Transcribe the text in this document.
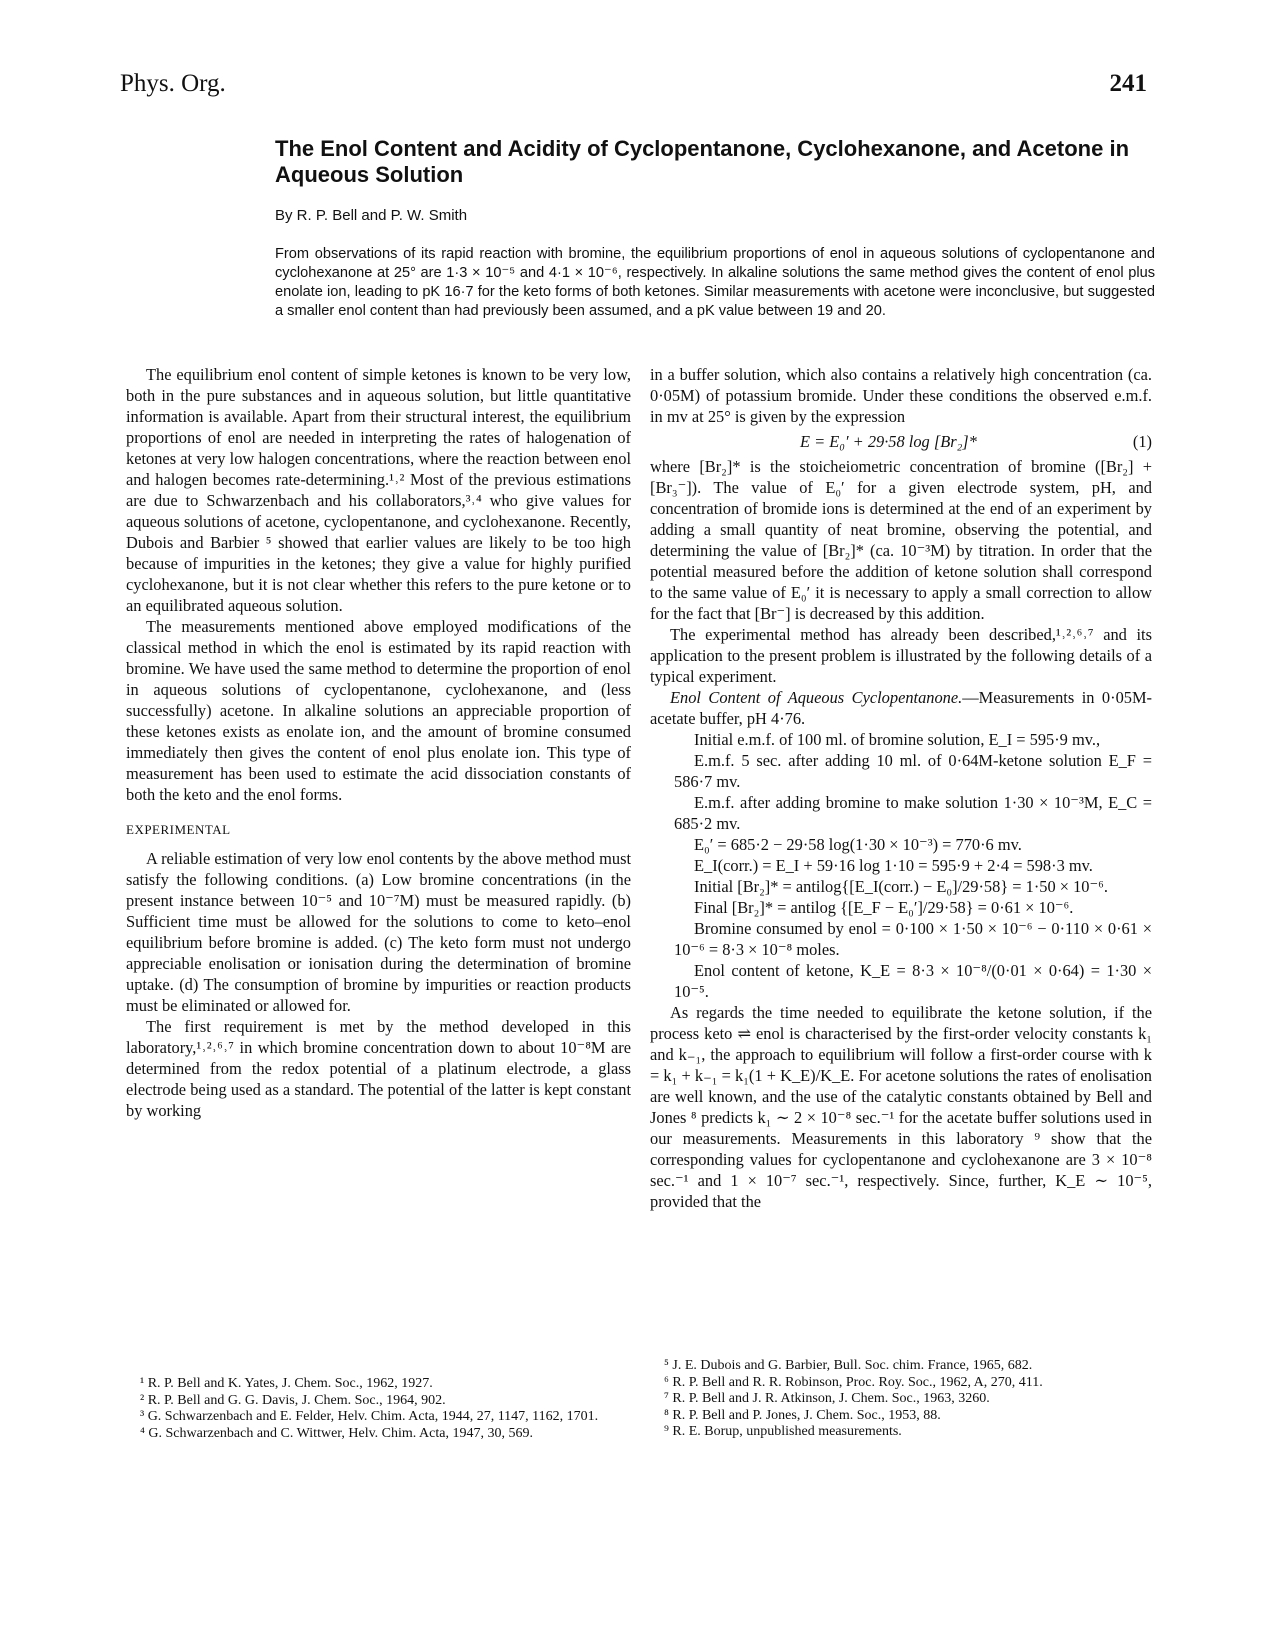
Phys. Org.	241
The Enol Content and Acidity of Cyclopentanone, Cyclohexanone, and Acetone in Aqueous Solution
By R. P. Bell and P. W. Smith

From observations of its rapid reaction with bromine, the equilibrium proportions of enol in aqueous solutions of cyclopentanone and cyclohexanone at 25° are 1·3 × 10⁻⁵ and 4·1 × 10⁻⁶, respectively. In alkaline solutions the same method gives the content of enol plus enolate ion, leading to pK 16·7 for the keto forms of both ketones. Similar measurements with acetone were inconclusive, but suggested a smaller enol content than had previously been assumed, and a pK value between 19 and 20.

The equilibrium enol content of simple ketones is known to be very low, both in the pure substances and in aqueous solution, but little quantitative information is available. Apart from their structural interest, the equilibrium proportions of enol are needed in interpreting the rates of halogenation of ketones at very low halogen concentrations, where the reaction between enol and halogen becomes rate-determining.¹˒² Most of the previous estimations are due to Schwarzenbach and his collaborators,³˒⁴ who give values for aqueous solutions of acetone, cyclopentanone, and cyclohexanone. Recently, Dubois and Barbier ⁵ showed that earlier values are likely to be too high because of impurities in the ketones; they give a value for highly purified cyclohexanone, but it is not clear whether this refers to the pure ketone or to an equilibrated aqueous solution.

The measurements mentioned above employed modifications of the classical method in which the enol is estimated by its rapid reaction with bromine. We have used the same method to determine the proportion of enol in aqueous solutions of cyclopentanone, cyclohexanone, and (less successfully) acetone. In alkaline solutions an appreciable proportion of these ketones exists as enolate ion, and the amount of bromine consumed immediately then gives the content of enol plus enolate ion. This type of measurement has been used to estimate the acid dissociation constants of both the keto and the enol forms.

EXPERIMENTAL

A reliable estimation of very low enol contents by the above method must satisfy the following conditions. (a) Low bromine concentrations (in the present instance between 10⁻⁵ and 10⁻⁷M) must be measured rapidly. (b) Sufficient time must be allowed for the solutions to come to keto–enol equilibrium before bromine is added. (c) The keto form must not undergo appreciable enolisation or ionisation during the determination of bromine uptake. (d) The consumption of bromine by impurities or reaction products must be eliminated or allowed for.

The first requirement is met by the method developed in this laboratory,¹˒²˒⁶˒⁷ in which bromine concentration down to about 10⁻⁸M are determined from the redox potential of a platinum electrode, a glass electrode being used as a standard. The potential of the latter is kept constant by working

in a buffer solution, which also contains a relatively high concentration (ca. 0·05M) of potassium bromide. Under these conditions the observed e.m.f. in mv at 25° is given by the expression

E = E₀′ + 29·58 log [Br₂]*	(1)

where [Br₂]* is the stoicheiometric concentration of bromine ([Br₂] + [Br₃⁻]). The value of E₀′ for a given electrode system, pH, and concentration of bromide ions is determined at the end of an experiment by adding a small quantity of neat bromine, observing the potential, and determining the value of [Br₂]* (ca. 10⁻³M) by titration. In order that the potential measured before the addition of ketone solution shall correspond to the same value of E₀′ it is necessary to apply a small correction to allow for the fact that [Br⁻] is decreased by this addition.

The experimental method has already been described,¹˒²˒⁶˒⁷ and its application to the present problem is illustrated by the following details of a typical experiment.

Enol Content of Aqueous Cyclopentanone.—Measurements in 0·05M-acetate buffer, pH 4·76.

Initial e.m.f. of 100 ml. of bromine solution, E_I = 595·9 mv.,

E.m.f. 5 sec. after adding 10 ml. of 0·64M-ketone solution E_F = 586·7 mv.

E.m.f. after adding bromine to make solution 1·30 × 10⁻³M, E_C = 685·2 mv.

E₀′ = 685·2 − 29·58 log(1·30 × 10⁻³) = 770·6 mv.

E_I(corr.) = E_I + 59·16 log 1·10 = 595·9 + 2·4 = 598·3 mv.

Initial [Br₂]* = antilog{[E_I(corr.) − E₀]/29·58} = 1·50 × 10⁻⁶.

Final [Br₂]* = antilog {[E_F − E₀′]/29·58} = 0·61 × 10⁻⁶.

Bromine consumed by enol = 0·100 × 1·50 × 10⁻⁶ − 0·110 × 0·61 × 10⁻⁶ = 8·3 × 10⁻⁸ moles.

Enol content of ketone, K_E = 8·3 × 10⁻⁸/(0·01 × 0·64) = 1·30 × 10⁻⁵.

As regards the time needed to equilibrate the ketone solution, if the process keto ⇌ enol is characterised by the first-order velocity constants k₁ and k₋₁, the approach to equilibrium will follow a first-order course with k = k₁ + k₋₁ = k₁(1 + K_E)/K_E. For acetone solutions the rates of enolisation are well known, and the use of the catalytic constants obtained by Bell and Jones ⁸ predicts k₁ ∼ 2 × 10⁻⁸ sec.⁻¹ for the acetate buffer solutions used in our measurements. Measurements in this laboratory ⁹ show that the corresponding values for cyclopentanone and cyclohexanone are 3 × 10⁻⁸ sec.⁻¹ and 1 × 10⁻⁷ sec.⁻¹, respectively. Since, further, K_E ∼ 10⁻⁵, provided that the

¹ R. P. Bell and K. Yates, J. Chem. Soc., 1962, 1927.

² R. P. Bell and G. G. Davis, J. Chem. Soc., 1964, 902.

³ G. Schwarzenbach and E. Felder, Helv. Chim. Acta, 1944, 27, 1147, 1162, 1701.

⁴ G. Schwarzenbach and C. Wittwer, Helv. Chim. Acta, 1947, 30, 569.

⁵ J. E. Dubois and G. Barbier, Bull. Soc. chim. France, 1965, 682.

⁶ R. P. Bell and R. R. Robinson, Proc. Roy. Soc., 1962, A, 270, 411.

⁷ R. P. Bell and J. R. Atkinson, J. Chem. Soc., 1963, 3260.

⁸ R. P. Bell and P. Jones, J. Chem. Soc., 1953, 88.

⁹ R. E. Borup, unpublished measurements.
